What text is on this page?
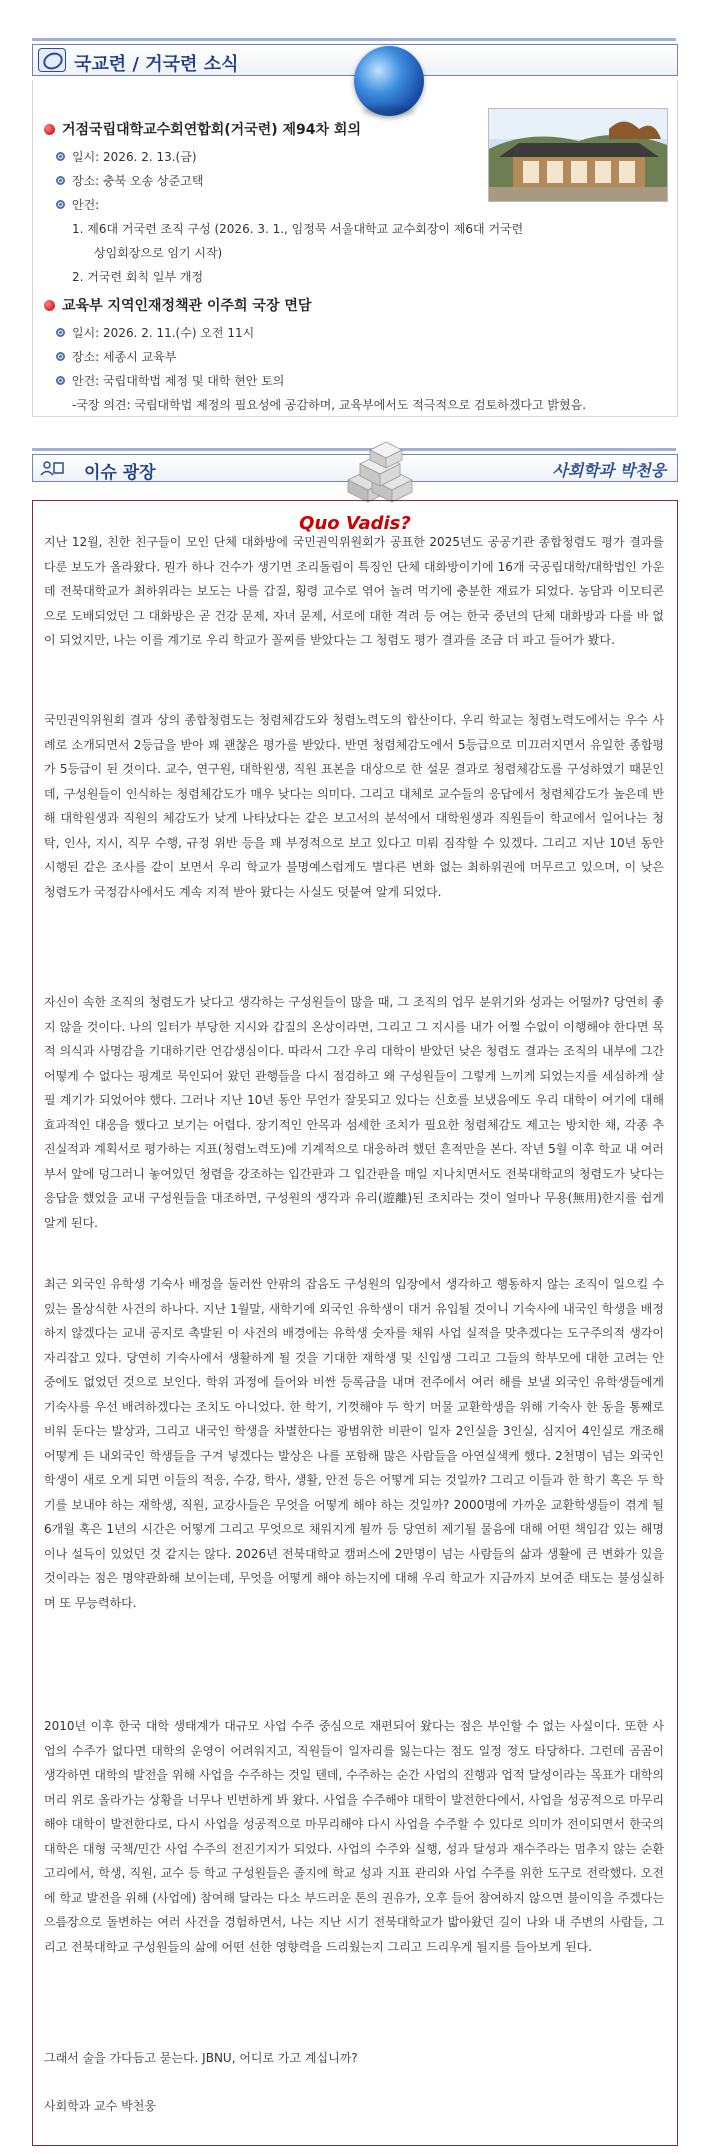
국교련 / 거국련 소식
거점국립대학교수회연합회(거국련) 제94차 회의
일시: 2026. 2. 13.(금)
장소: 충북 오송 상준고택
안건:
1. 제6대 거국련 조직 구성 (2026. 3. 1., 임정묵 서울대학교 교수회장이 제6대 거국련
상임회장으로 임기 시작)
2. 거국련 회칙 일부 개정
교육부 지역인재정책관 이주희 국장 면담
일시: 2026. 2. 11.(수) 오전 11시
장소: 세종시 교육부
안건: 국립대학법 제정 및 대학 현안 토의
-국장 의견: 국립대학법 제정의 필요성에 공감하며, 교육부에서도 적극적으로 검토하겠다고 밝혔음.
이슈 광장	사회학과 박천웅
Quo Vadis?

지난 12월, 친한 친구들이 모인 단체 대화방에 국민권익위원회가 공표한 2025년도 공공기관 종합청렴도 평가 결과를 다룬 보도가 올라왔다. 뭔가 하나 건수가 생기면 조리돌림이 특징인 단체 대화방이기에 16개 국공립대학/대학법인 가운데 전북대학교가 최하위라는 보도는 나를 갑질, 횡령 교수로 엮어 놀려 먹기에 충분한 재료가 되었다. 농담과 이모티콘으로 도배되었던 그 대화방은 곧 건강 문제, 자녀 문제, 서로에 대한 격려 등 여는 한국 중년의 단체 대화방과 다를 바 없이 되었지만, 나는 이를 계기로 우리 학교가 꼴찌를 받았다는 그 청렴도 평가 결과를 조금 더 파고 들어가 봤다.

국민권익위원회 결과 상의 종합청렴도는 청렴체감도와 청렴노력도의 합산이다. 우리 학교는 청렴노력도에서는 우수 사례로 소개되면서 2등급을 받아 꽤 괜찮은 평가를 받았다. 반면 청렴체감도에서 5등급으로 미끄러지면서 유일한 종합평가 5등급이 된 것이다. 교수, 연구원, 대학원생, 직원 표본을 대상으로 한 설문 결과로 청렴체감도를 구성하였기 때문인데, 구성원들이 인식하는 청렴체감도가 매우 낮다는 의미다. 그리고 대체로 교수들의 응답에서 청렴체감도가 높은데 반해 대학원생과 직원의 체감도가 낮게 나타났다는 같은 보고서의 분석에서 대학원생과 직원들이 학교에서 일어나는 청탁, 인사, 지시, 직무 수행, 규정 위반 등을 꽤 부정적으로 보고 있다고 미뤄 짐작할 수 있겠다. 그리고 지난 10년 동안 시행된 같은 조사를 같이 보면서 우리 학교가 불명예스럽게도 별다른 변화 없는 최하위권에 머무르고 있으며, 이 낮은 청렴도가 국정감사에서도 계속 지적 받아 왔다는 사실도 덧붙여 알게 되었다.

자신이 속한 조직의 청렴도가 낮다고 생각하는 구성원들이 많을 때, 그 조직의 업무 분위기와 성과는 어떨까? 당연히 좋지 않을 것이다. 나의 일터가 부당한 지시와 갑질의 온상이라면, 그리고 그 지시를 내가 어쩔 수없이 이행해야 한다면 목적 의식과 사명감을 기대하기란 언감생심이다. 따라서 그간 우리 대학이 받았던 낮은 청렴도 결과는 조직의 내부에 그간 어떻게 수 없다는 핑계로 묵인되어 왔던 관행들을 다시 점검하고 왜 구성원들이 그렇게 느끼게 되었는지를 세심하게 살필 계기가 되었어야 했다. 그러나 지난 10년 동안 무언가 잘못되고 있다는 신호를 보냈음에도 우리 대학이 여기에 대해 효과적인 대응을 했다고 보기는 어렵다. 장기적인 안목과 섬세한 조치가 필요한 청렴체감도 제고는 방치한 채, 각종 추진실적과 계획서로 평가하는 지표(청렴노력도)에 기계적으로 대응하려 했던 흔적만을 본다. 작년 5월 이후 학교 내 여러 부서 앞에 덩그러니 놓여있던 청렴을 강조하는 입간판과 그 입간판을 매일 지나치면서도 전북대학교의 청렴도가 낮다는 응답을 했었을 교내 구성원들을 대조하면, 구성원의 생각과 유리(遊離)된 조치라는 것이 얼마나 무용(無用)한지를 쉽게 알게 된다.

최근 외국인 유학생 기숙사 배정을 둘러싼 안팎의 잡음도 구성원의 입장에서 생각하고 행동하지 않는 조직이 일으킬 수 있는 몰상식한 사건의 하나다. 지난 1월말, 새학기에 외국인 유학생이 대거 유입될 것이니 기숙사에 내국인 학생을 배정하지 않겠다는 교내 공지로 촉발된 이 사건의 배경에는 유학생 숫자를 채워 사업 실적을 맞추겠다는 도구주의적 생각이 자리잡고 있다. 당연히 기숙사에서 생활하게 될 것을 기대한 재학생 및 신입생 그리고 그들의 학부모에 대한 고려는 안중에도 없었던 것으로 보인다. 학위 과정에 들어와 비싼 등록금을 내며 전주에서 여러 해를 보낼 외국인 유학생들에게 기숙사를 우선 배려하겠다는 조치도 아니었다. 한 학기, 기껏해야 두 학기 머물 교환학생을 위해 기숙사 한 동을 통째로 비워 둔다는 발상과, 그리고 내국인 학생을 차별한다는 광범위한 비판이 일자 2인실을 3인실, 심지어 4인실로 개조해 어떻게 든 내외국인 학생들을 구겨 넣겠다는 발상은 나를 포함해 많은 사람들을 아연실색케 했다. 2천명이 넘는 외국인 학생이 새로 오게 되면 이들의 적응, 수강, 학사, 생활, 안전 등은 어떻게 되는 것일까? 그리고 이들과 한 학기 혹은 두 학기를 보내야 하는 재학생, 직원, 교강사들은 무엇을 어떻게 해야 하는 것일까? 2000명에 가까운 교환학생들이 겪게 될 6개월 혹은 1년의 시간은 어떻게 그리고 무엇으로 채워지게 될까 등 당연히 제기될 물음에 대해 어떤 책임감 있는 해명이나 설득이 있었던 것 같지는 않다. 2026년 전북대학교 캠퍼스에 2만명이 넘는 사람들의 삶과 생활에 큰 변화가 있을 것이라는 점은 명약관화해 보이는데, 무엇을 어떻게 해야 하는지에 대해 우리 학교가 지금까지 보여준 태도는 불성실하며 또 무능력하다.

2010년 이후 한국 대학 생태계가 대규모 사업 수주 중심으로 재편되어 왔다는 점은 부인할 수 없는 사실이다. 또한 사업의 수주가 없다면 대학의 운영이 어려워지고, 직원들이 일자리를 잃는다는 점도 일정 정도 타당하다. 그런데 곰곰이 생각하면 대학의 발전을 위해 사업을 수주하는 것일 텐데, 수주하는 순간 사업의 진행과 업적 달성이라는 목표가 대학의 머리 위로 올라가는 상황을 너무나 빈번하게 봐 왔다. 사업을 수주해야 대학이 발전한다에서, 사업을 성공적으로 마무리해야 대학이 발전한다로, 다시 사업을 성공적으로 마무리해야 다시 사업을 수주할 수 있다로 의미가 전이되면서 한국의 대학은 대형 국책/민간 사업 수주의 전진기지가 되었다. 사업의 수주와 실행, 성과 달성과 재수주라는 멈추지 않는 순환 고리에서, 학생, 직원, 교수 등 학교 구성원들은 졸지에 학교 성과 지표 관리와 사업 수주를 위한 도구로 전락했다. 오전에 학교 발전을 위해 (사업에) 참여해 달라는 다소 부드러운 톤의 권유가, 오후 들어 참여하지 않으면 불이익을 주겠다는 으름장으로 돌변하는 여러 사건을 경험하면서, 나는 지난 시기 전북대학교가 밟아왔던 길이 나와 내 주변의 사람들, 그리고 전북대학교 구성원들의 삶에 어떤 선한 영향력을 드리웠는지 그리고 드리우게 될지를 들아보게 된다.

그래서 술을 가다듬고 묻는다. JBNU, 어디로 가고 계십니까?

사회학과 교수 박천웅
